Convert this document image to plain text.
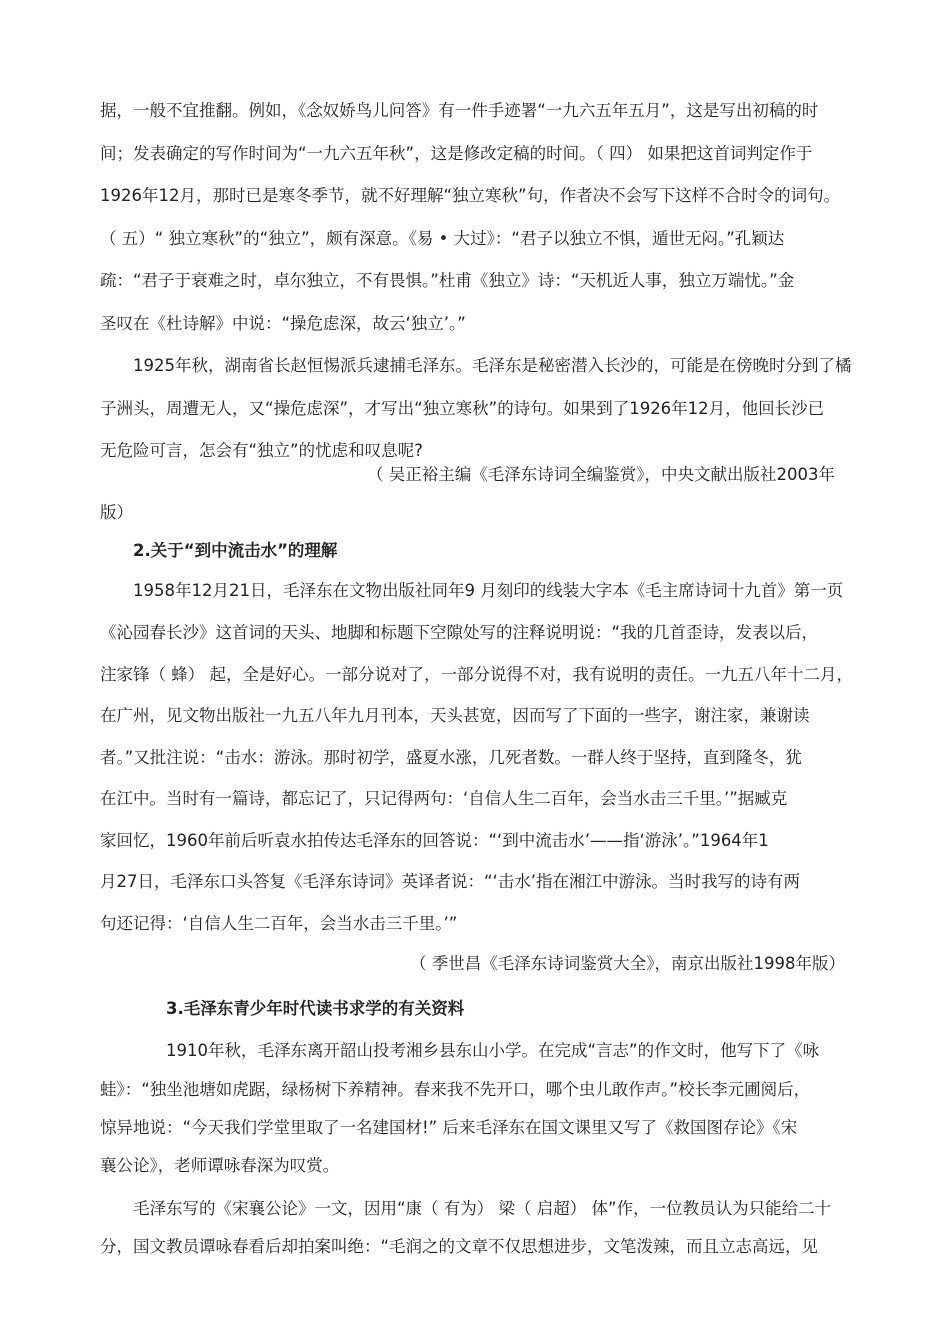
据，一般不宜推翻。例如，《念奴娇鸟儿问答》有一件手迹署“一九六五年五月”，这是写出初稿的时

间；发表确定的写作时间为“一九六五年秋”，这是修改定稿的时间。（ 四） 如果把这首词判定作于

1926年12月，那时已是寒冬季节，就不好理解“独立寒秋”句，作者决不会写下这样不合时令的词句。

（ 五）“ 独立寒秋”的“独立”，颇有深意。《易 • 大过》：“君子以独立不惧，遁世无闷。”孔颖达

疏：“君子于衰难之时，卓尔独立，不有畏惧。”杜甫《独立》诗：“天机近人事，独立万端忧。”金

圣叹在《杜诗解》中说：“操危虑深，故云‘独立’。”

1925年秋，湖南省长赵恒惕派兵逮捕毛泽东。毛泽东是秘密潜入长沙的，可能是在傍晚时分到了橘

子洲头，周遭无人，又“操危虑深”，才写出“独立寒秋”的诗句。如果到了1926年12月，他回长沙已

无危险可言，怎会有“独立”的忧虑和叹息呢?

（ 吴正裕主编《毛泽东诗词全编鉴赏》，中央文献出版社2003年

版）

2.关于“到中流击水”的理解

1958年12月21日，毛泽东在文物出版社同年9 月刻印的线装大字本《毛主席诗词十九首》第一页

《沁园春长沙》这首词的天头、地脚和标题下空隙处写的注释说明说：“我的几首歪诗，发表以后，

注家锋（ 蜂） 起，全是好心。一部分说对了，一部分说得不对，我有说明的责任。一九五八年十二月，

在广州，见文物出版社一九五八年九月刊本，天头甚宽，因而写了下面的一些字，谢注家，兼谢读

者。”又批注说：“击水：游泳。那时初学，盛夏水涨，几死者数。一群人终于坚持，直到隆冬，犹

在江中。当时有一篇诗，都忘记了，只记得两句：‘自信人生二百年，会当水击三千里。’”据臧克

家回忆，1960年前后听袁水拍传达毛泽东的回答说：“‘到中流击水’——指‘游泳’。”1964年1

月27日，毛泽东口头答复《毛泽东诗词》英译者说：“‘击水’指在湘江中游泳。当时我写的诗有两

句还记得：‘自信人生二百年，会当水击三千里。’”

（ 季世昌《毛泽东诗词鉴赏大全》，南京出版社1998年版）

3.毛泽东青少年时代读书求学的有关资料

1910年秋，毛泽东离开韶山投考湘乡县东山小学。在完成“言志”的作文时，他写下了《咏

蛙》：“独坐池塘如虎踞，绿杨树下养精神。春来我不先开口，哪个虫儿敢作声。”校长李元圃阅后，

惊异地说：“今天我们学堂里取了一名建国材!” 后来毛泽东在国文课里又写了《救国图存论》《宋

襄公论》，老师谭咏春深为叹赏。

毛泽东写的《宋襄公论》一文，因用“康（ 有为） 梁（ 启超） 体”作，一位教员认为只能给二十

分，国文教员谭咏春看后却拍案叫绝：“毛润之的文章不仅思想进步，文笔泼辣，而且立志高远，见
